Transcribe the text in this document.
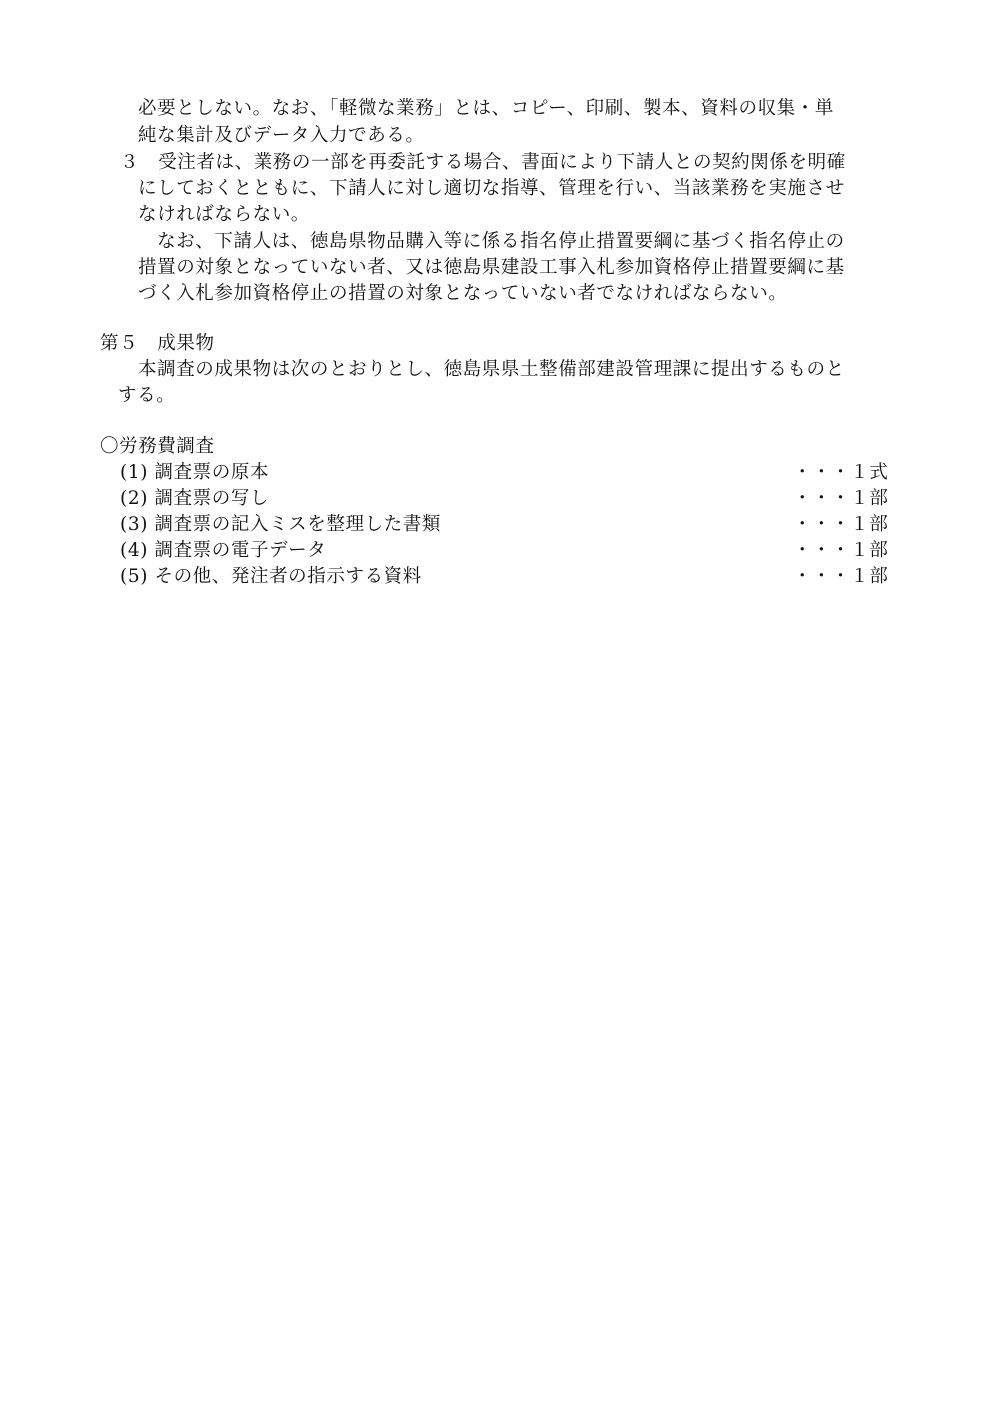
必要としない。なお、「軽微な業務」とは、コピー、印刷、製本、資料の収集・単
純な集計及びデータ入力である。
３　受注者は、業務の一部を再委託する場合、書面により下請人との契約関係を明確
にしておくとともに、下請人に対し適切な指導、管理を行い、当該業務を実施させ
なければならない。
　なお、下請人は、徳島県物品購入等に係る指名停止措置要綱に基づく指名停止の
措置の対象となっていない者、又は徳島県建設工事入札参加資格停止措置要綱に基
づく入札参加資格停止の措置の対象となっていない者でなければならない。
第５　成果物
本調査の成果物は次のとおりとし、徳島県県土整備部建設管理課に提出するものと
する。
〇労務費調査
(1) 調査票の原本	・・・１式
(2) 調査票の写し	・・・１部
(3) 調査票の記入ミスを整理した書類	・・・１部
(4) 調査票の電子データ	・・・１部
(5) その他、発注者の指示する資料	・・・１部
